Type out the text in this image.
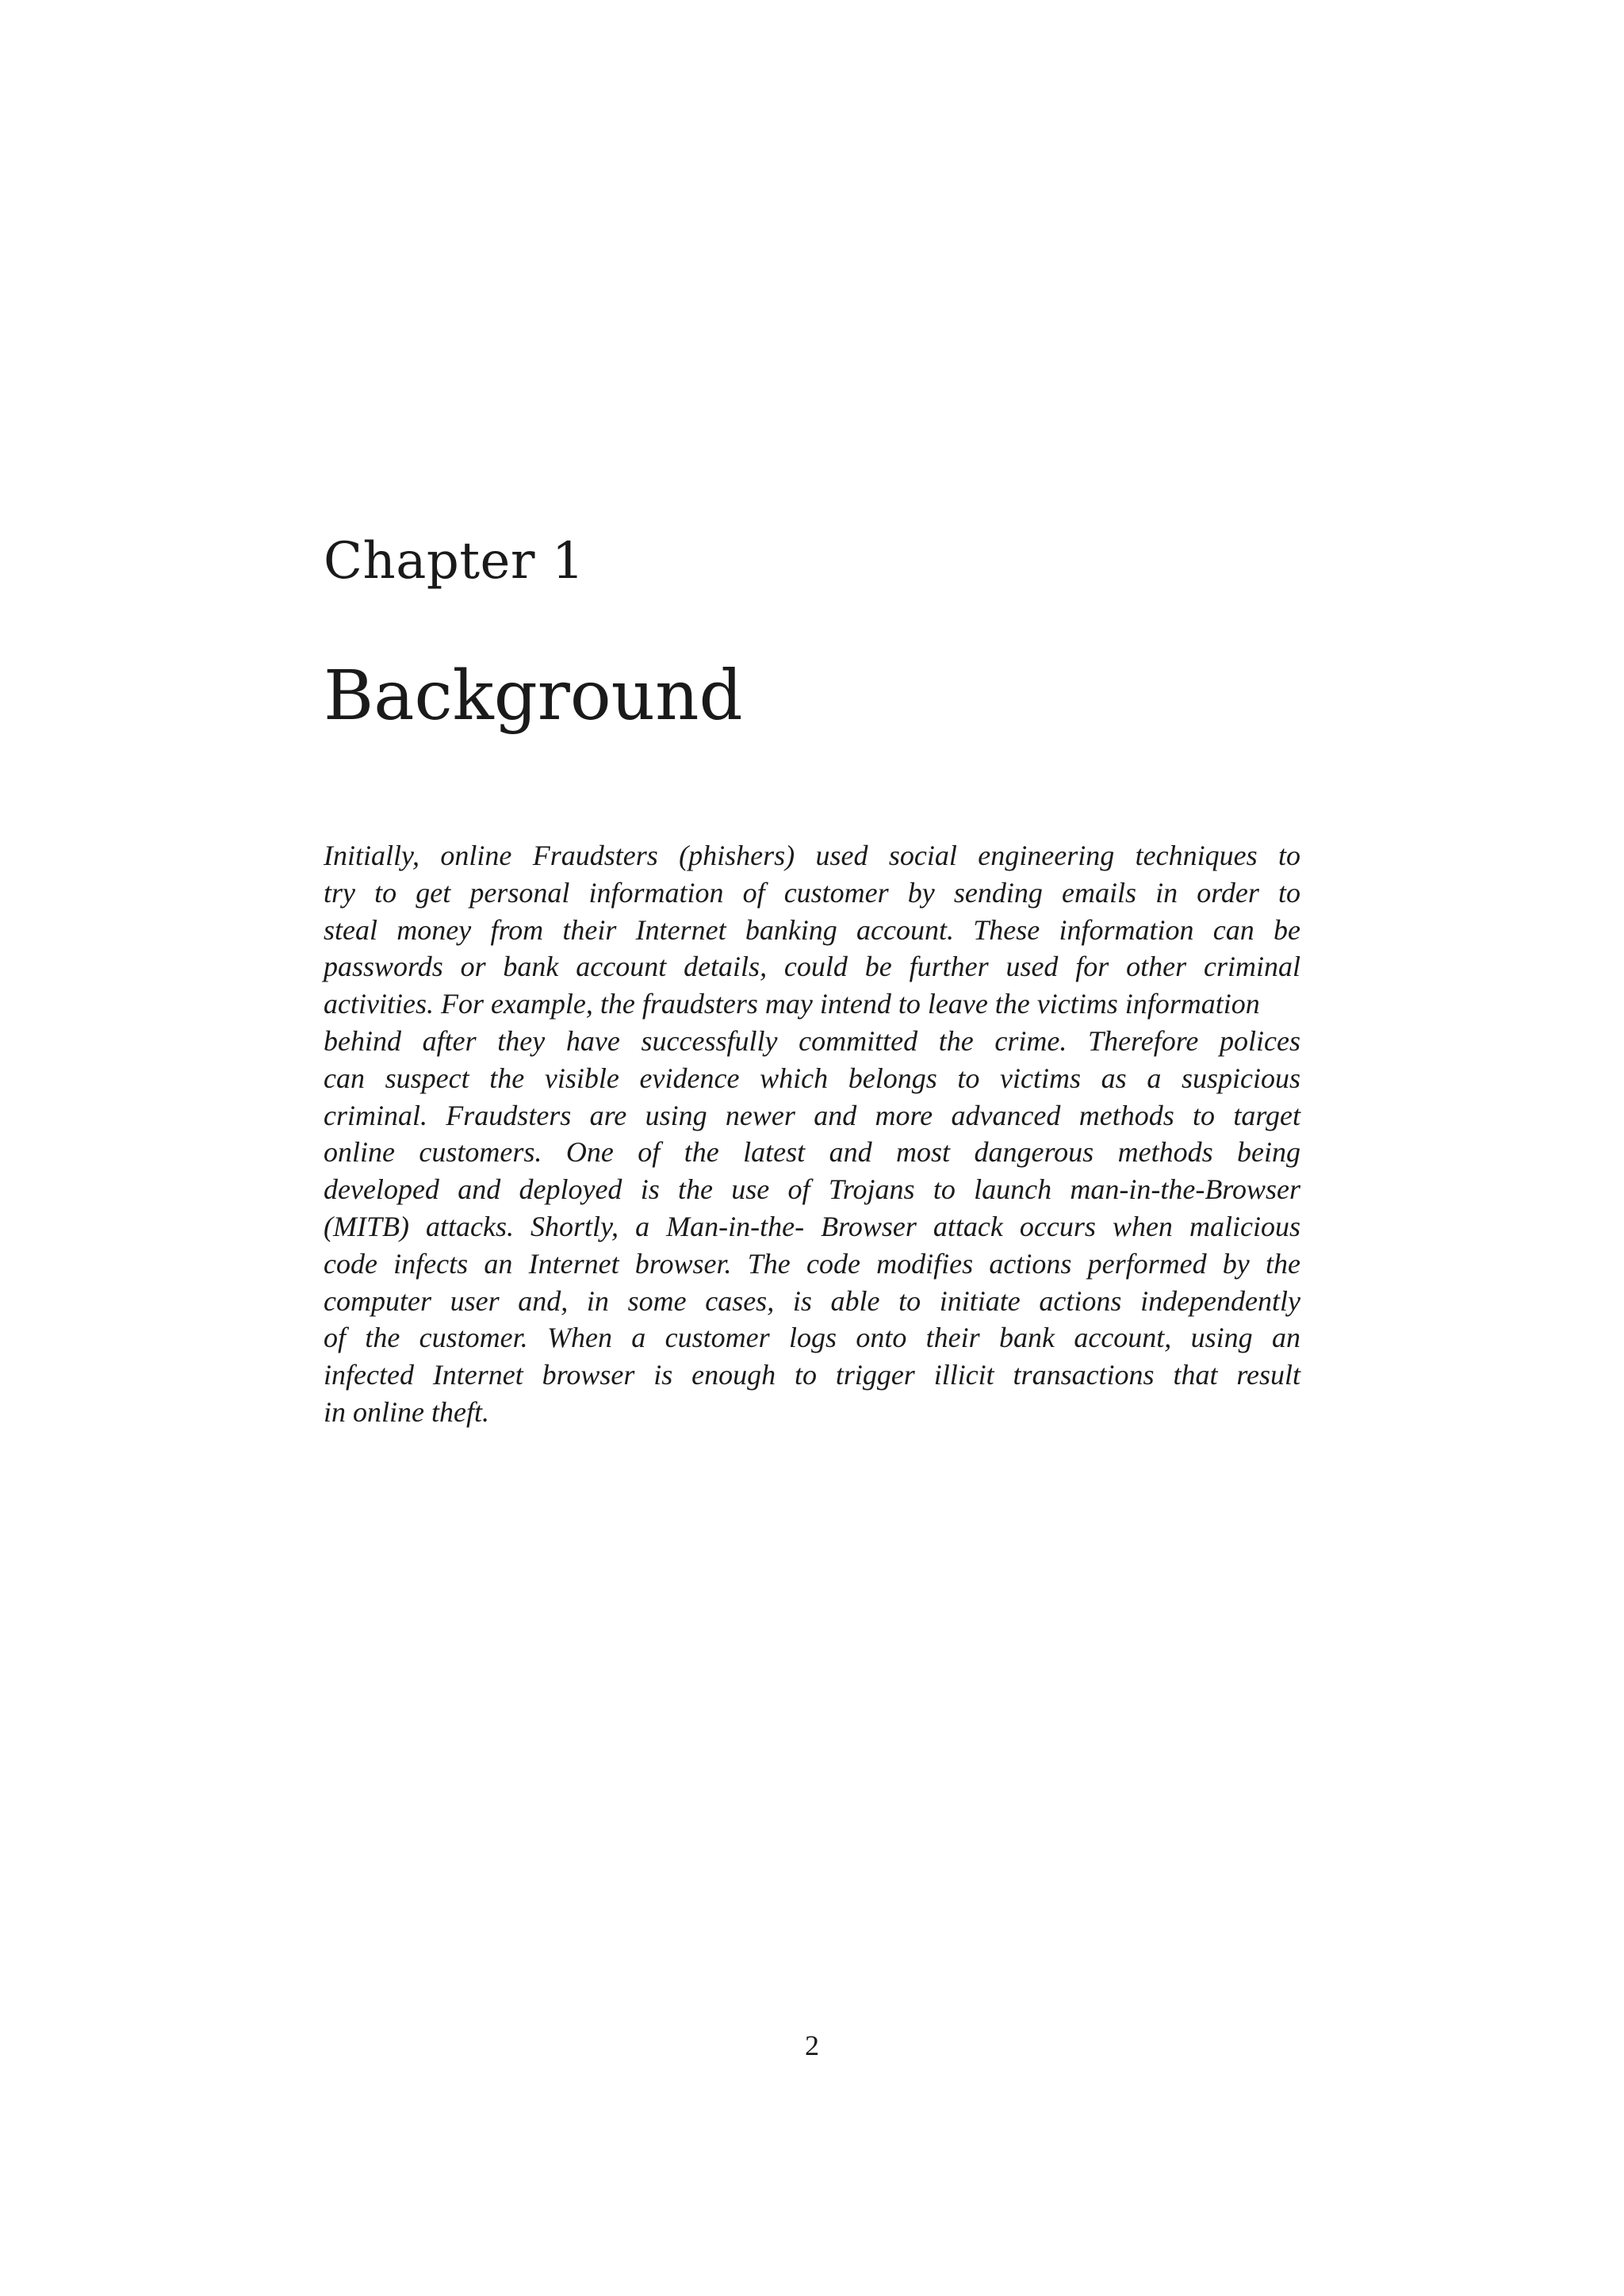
Chapter 1
Background
Initially, online Fraudsters (phishers) used social engineering techniques to
try to get personal information of customer by sending emails in order to
steal money from their Internet banking account. These information can be
passwords or bank account details, could be further used for other criminal
activities. For example, the fraudsters may intend to leave the victims information
behind after they have successfully committed the crime. Therefore polices
can suspect the visible evidence which belongs to victims as a suspicious
criminal. Fraudsters are using newer and more advanced methods to target
online customers. One of the latest and most dangerous methods being
developed and deployed is the use of Trojans to launch man-in-the-Browser
(MITB) attacks. Shortly, a Man-in-the- Browser attack occurs when malicious
code infects an Internet browser. The code modifies actions performed by the
computer user and, in some cases, is able to initiate actions independently
of the customer. When a customer logs onto their bank account, using an
infected Internet browser is enough to trigger illicit transactions that result
in online theft.

2
